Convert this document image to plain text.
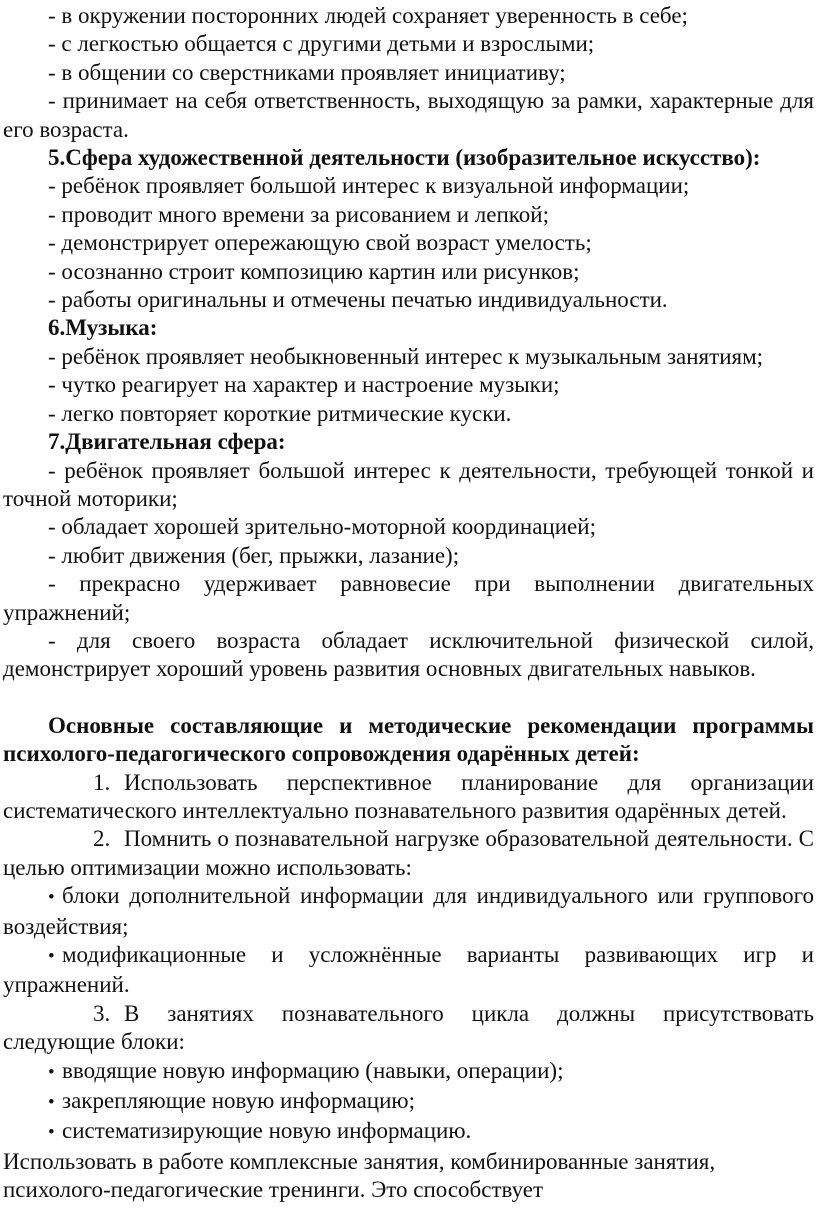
- в окружении посторонних людей сохраняет уверенность в себе;

- с легкостью общается с другими детьми и взрослыми;

- в общении со сверстниками проявляет инициативу;

- принимает на себя ответственность, выходящую за рамки, характерные для его возраста.

5.Сфера художественной деятельности (изобразительное искусство):

- ребёнок проявляет большой интерес к визуальной информации;

- проводит много времени за рисованием и лепкой;

- демонстрирует опережающую свой возраст умелость;

- осознанно строит композицию картин или рисунков;

- работы оригинальны и отмечены печатью индивидуальности.

6.Музыка:

- ребёнок проявляет необыкновенный интерес к музыкальным занятиям;

- чутко реагирует на характер и настроение музыки;

- легко повторяет короткие ритмические куски.

7.Двигательная сфера:

- ребёнок проявляет большой интерес к деятельности, требующей тонкой и точной моторики;

- обладает хорошей зрительно-моторной координацией;

- любит движения (бег, прыжки, лазание);

- прекрасно удерживает равновесие при выполнении двигательных упражнений;

- для своего возраста обладает исключительной физической силой, демонстрирует хороший уровень развития основных двигательных навыков.

Основные составляющие и методические рекомендации программы психолого-педагогического сопровождения одарённых детей:

1. Использовать перспективное планирование для организации систематического интеллектуально познавательного развития одарённых детей.

2. Помнить о познавательной нагрузке образовательной деятельности. С целью оптимизации можно использовать:

• блоки дополнительной информации для индивидуального или группового воздействия;

• модификационные и усложнённые варианты развивающих игр и упражнений.

3. В занятиях познавательного цикла должны присутствовать следующие блоки:

• вводящие новую информацию (навыки, операции);

• закрепляющие новую информацию;

• систематизирующие новую информацию.

Использовать в работе комплексные занятия, комбинированные занятия, психолого-педагогические тренинги. Это способствует
